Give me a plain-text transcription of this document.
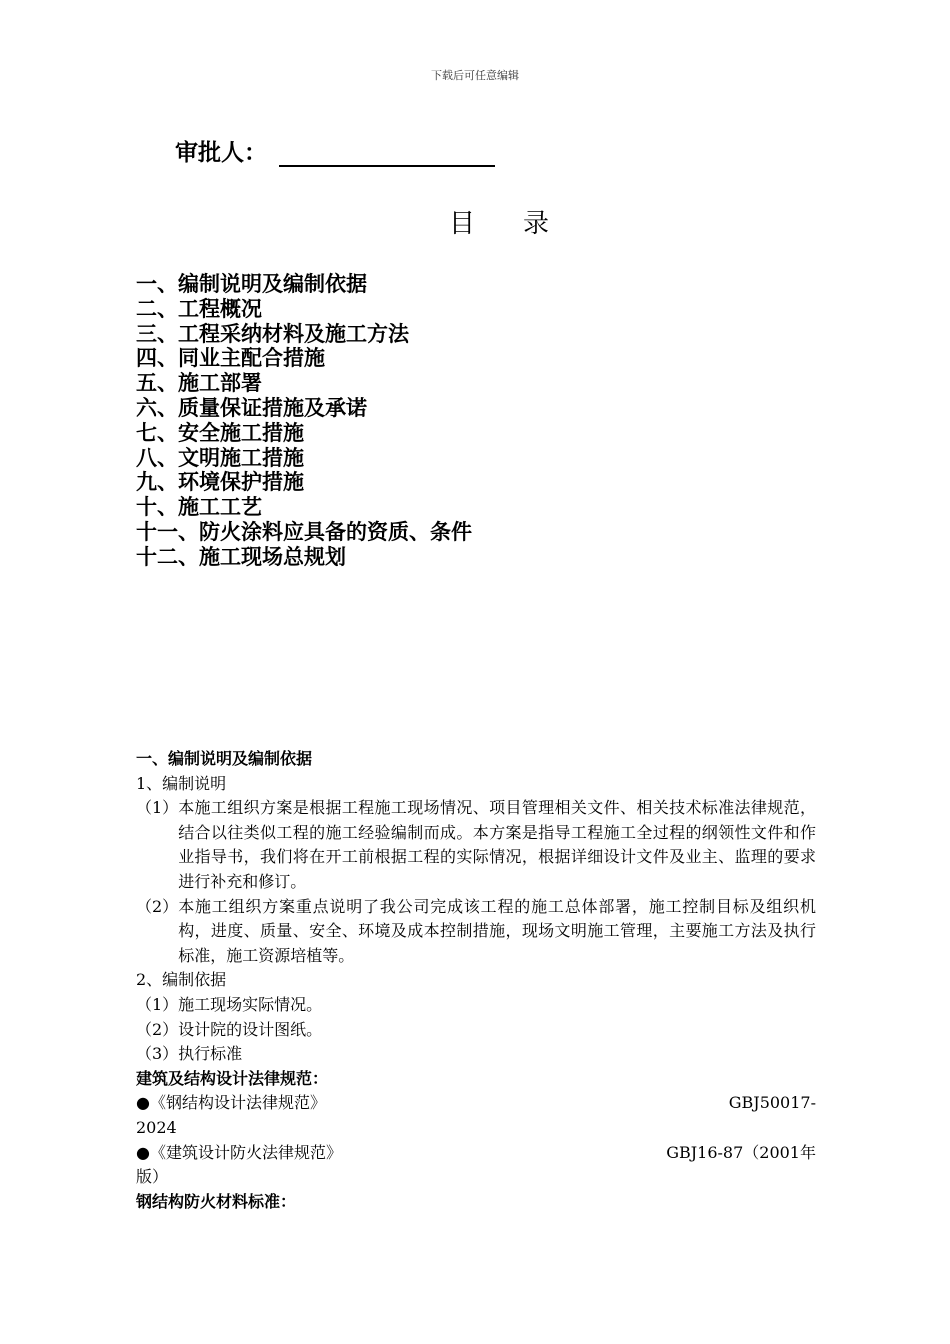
下载后可任意编辑
审批人：
目录
一、编制说明及编制依据
二、工程概况
三、工程采纳材料及施工方法
四、同业主配合措施
五、施工部署
六、质量保证措施及承诺
七、安全施工措施
八、文明施工措施
九、环境保护措施
十、施工工艺
十一、防火涂料应具备的资质、条件
十二、施工现场总规划
一、编制说明及编制依据
1、编制说明
（1） 本施工组织方案是根据工程施工现场情况、项目管理相关文件、相关技术标准法律规范，结合以往类似工程的施工经验编制而成。本方案是指导工程施工全过程的纲领性文件和作业指导书，我们将在开工前根据工程的实际情况，根据详细设计文件及业主、监理的要求进行补充和修订。
（2） 本施工组织方案重点说明了我公司完成该工程的施工总体部署，施工控制目标及组织机构，进度、质量、安全、环境及成本控制措施，现场文明施工管理，主要施工方法及执行标准，施工资源培植等。
2、编制依据
（1）施工现场实际情况。
（2）设计院的设计图纸。
（3）执行标准
建筑及结构设计法律规范：
●《钢结构设计法律规范》	GBJ50017-
2024
●《建筑设计防火法律规范》	GBJ16-87（2001年
版）
钢结构防火材料标准：
